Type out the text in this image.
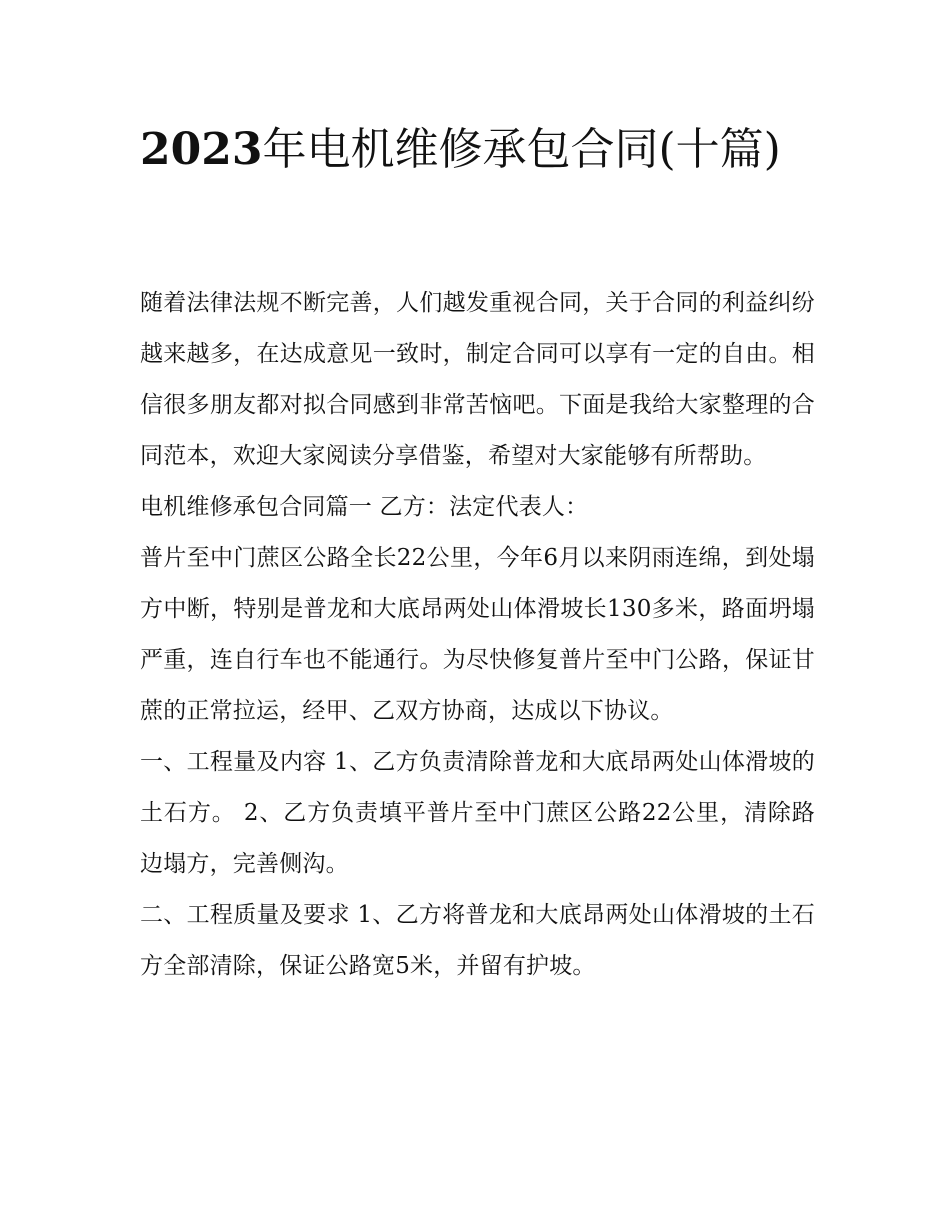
2023年电机维修承包合同(十篇)

随着法律法规不断完善，人们越发重视合同，关于合同的利益纠纷越来越多，在达成意见一致时，制定合同可以享有一定的自由。相信很多朋友都对拟合同感到非常苦恼吧。下面是我给大家整理的合同范本，欢迎大家阅读分享借鉴，希望对大家能够有所帮助。

电机维修承包合同篇一 乙方：法定代表人：

普片至中门蔗区公路全长22公里，今年6月以来阴雨连绵，到处塌方中断，特别是普龙和大底昂两处山体滑坡长130多米，路面坍塌严重，连自行车也不能通行。为尽快修复普片至中门公路，保证甘蔗的正常拉运，经甲、乙双方协商，达成以下协议。

一、工程量及内容 1、乙方负责清除普龙和大底昂两处山体滑坡的土石方。 2、乙方负责填平普片至中门蔗区公路22公里，清除路边塌方，完善侧沟。

二、工程质量及要求 1、乙方将普龙和大底昂两处山体滑坡的土石方全部清除，保证公路宽5米，并留有护坡。
